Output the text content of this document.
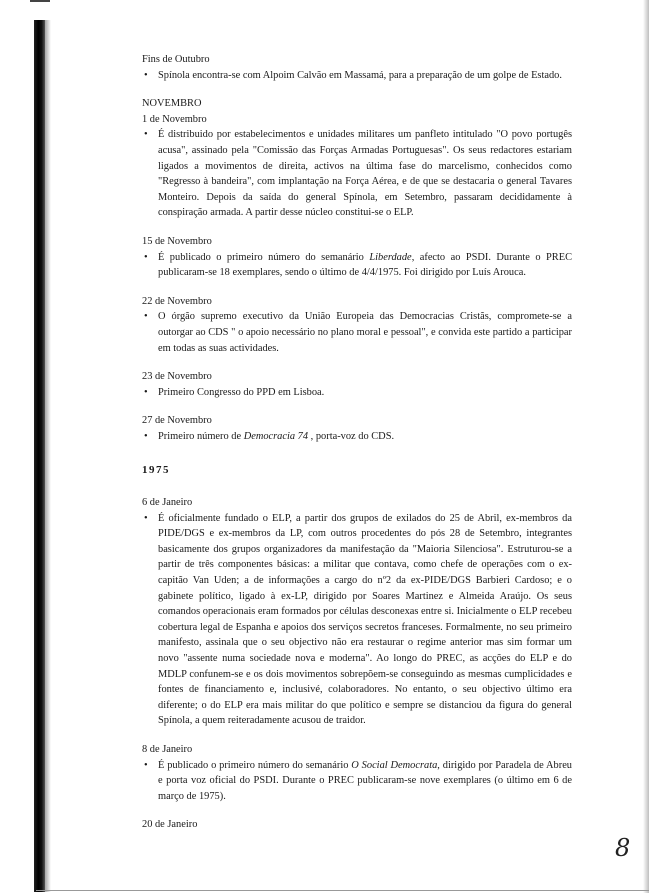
Fins de Outubro

• Spínola encontra-se com Alpoim Calvão em Massamá, para a preparação de um golpe de Estado.

NOVEMBRO

1 de Novembro

• É distribuido por estabelecimentos e unidades militares um panfleto intitulado "O povo portugês acusa", assinado pela "Comissão das Forças Armadas Portuguesas". Os seus redactores estariam ligados a movimentos de direita, activos na última fase do marcelismo, conhecidos como "Regresso à bandeira", com implantação na Força Aérea, e de que se destacaria o general Tavares Monteiro. Depois da saída do general Spínola, em Setembro, passaram decididamente à conspiração armada. A partir desse núcleo constitui-se o ELP.

15 de Novembro

• É publicado o primeiro número do semanário Liberdade, afecto ao PSDI. Durante o PREC publicaram-se 18 exemplares, sendo o último de 4/4/1975. Foi dirigido por Luís Arouca.

22 de Novembro

• O órgão supremo executivo da União Europeia das Democracias Cristãs, compromete-se a outorgar ao CDS " o apoio necessário no plano moral e pessoal", e convida este partido a participar em todas as suas actividades.

23 de Novembro

• Primeiro Congresso do PPD em Lisboa.

27 de Novembro

• Primeiro número de Democracia 74 , porta-voz do CDS.

1975

6 de Janeiro

• É oficialmente fundado o ELP, a partir dos grupos de exilados do 25 de Abril, ex-membros da PIDE/DGS e ex-membros da LP, com outros procedentes do pós 28 de Setembro, integrantes basicamente dos grupos organizadores da manifestação da "Maioria Silenciosa". Estruturou-se a partir de três componentes básicas: a militar que contava, como chefe de operações com o ex-capitão Van Uden; a de informações a cargo do nº2 da ex-PIDE/DGS Barbieri Cardoso; e o gabinete político, ligado à ex-LP, dirigido por Soares Martinez e Almeida Araújo. Os seus comandos operacionais eram formados por células desconexas entre si. Inicialmente o ELP recebeu cobertura legal de Espanha e apoios dos serviços secretos franceses. Formalmente, no seu primeiro manifesto, assinala que o seu objectivo não era restaurar o regime anterior mas sim formar um novo "assente numa sociedade nova e moderna". Ao longo do PREC, as acções do ELP e do MDLP confunem-se e os dois movimentos sobrepõem-se conseguindo as mesmas cumplicidades e fontes de financiamento e, inclusivé, colaboradores. No entanto, o seu objectivo último era diferente; o do ELP era mais militar do que político e sempre se distanciou da figura do general Spínola, a quem reiteradamente acusou de traidor.

8 de Janeiro

• É publicado o primeiro número do semanário O Social Democrata, dirigido por Paradela de Abreu e porta voz oficial do PSDI. Durante o PREC publicaram-se nove exemplares (o último em 6 de março de 1975).

20 de Janeiro

8
